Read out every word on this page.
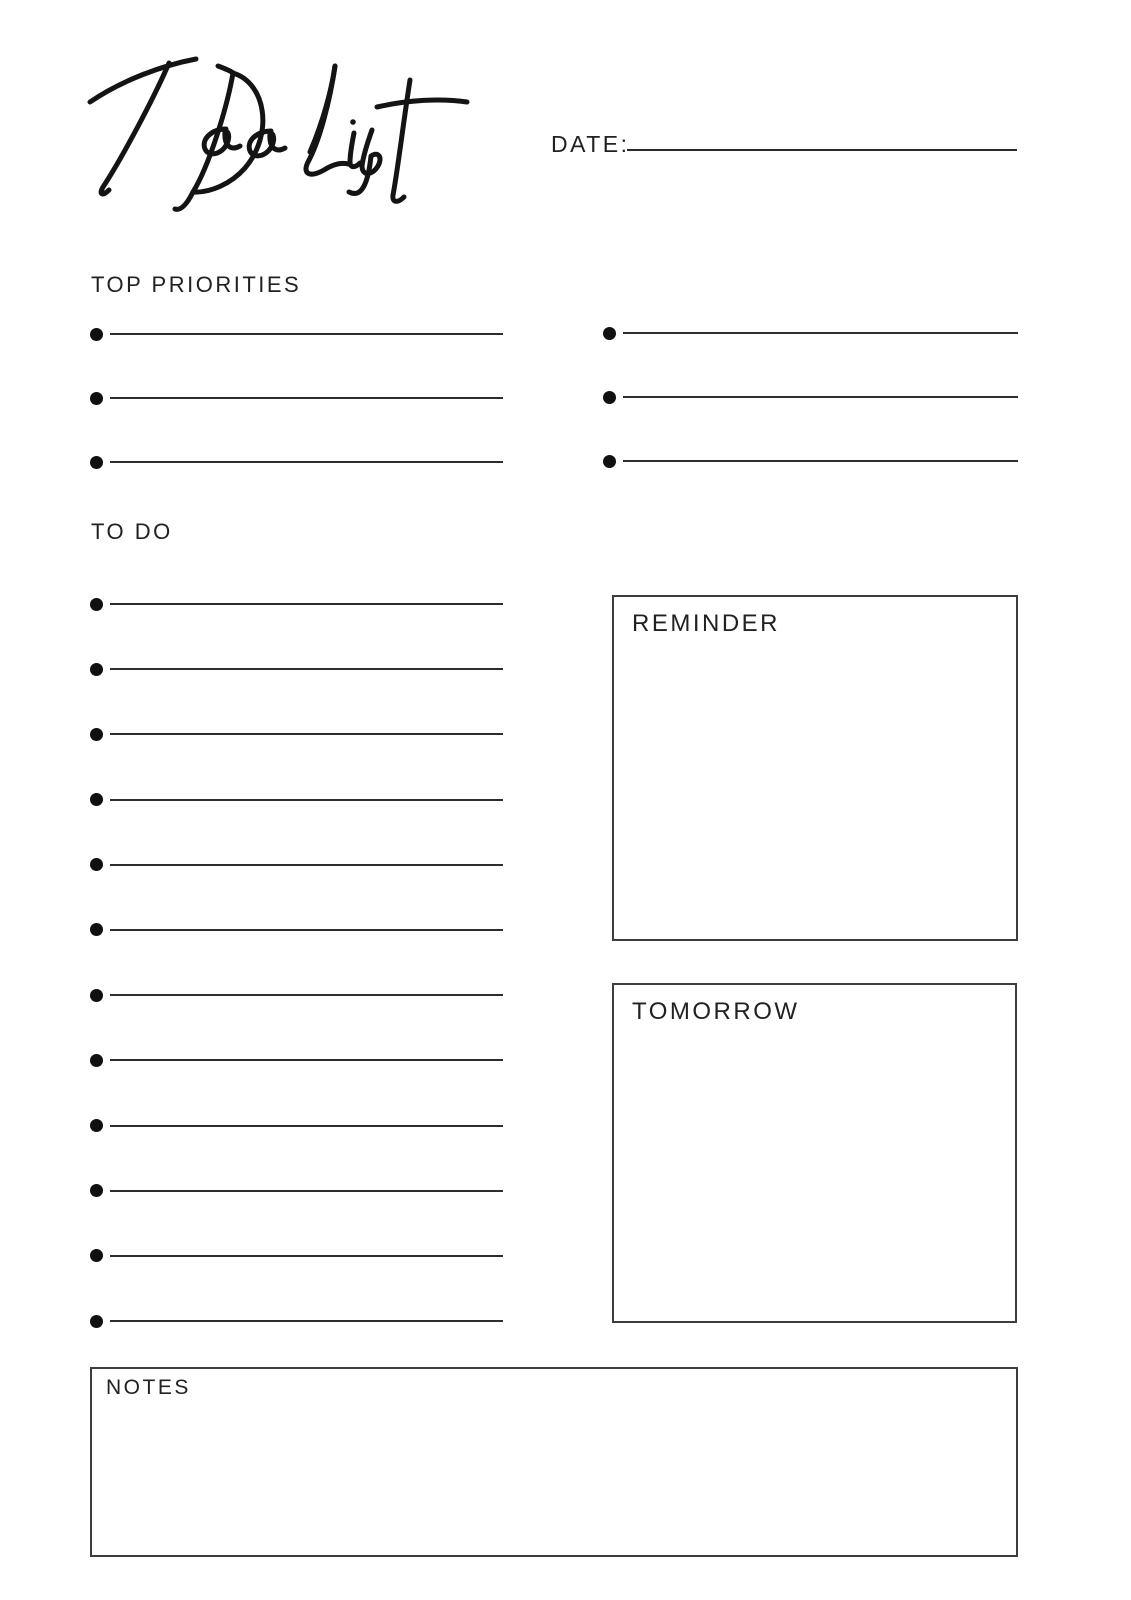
DATE:
TOP PRIORITIES
TO DO
REMINDER
TOMORROW
NOTES
